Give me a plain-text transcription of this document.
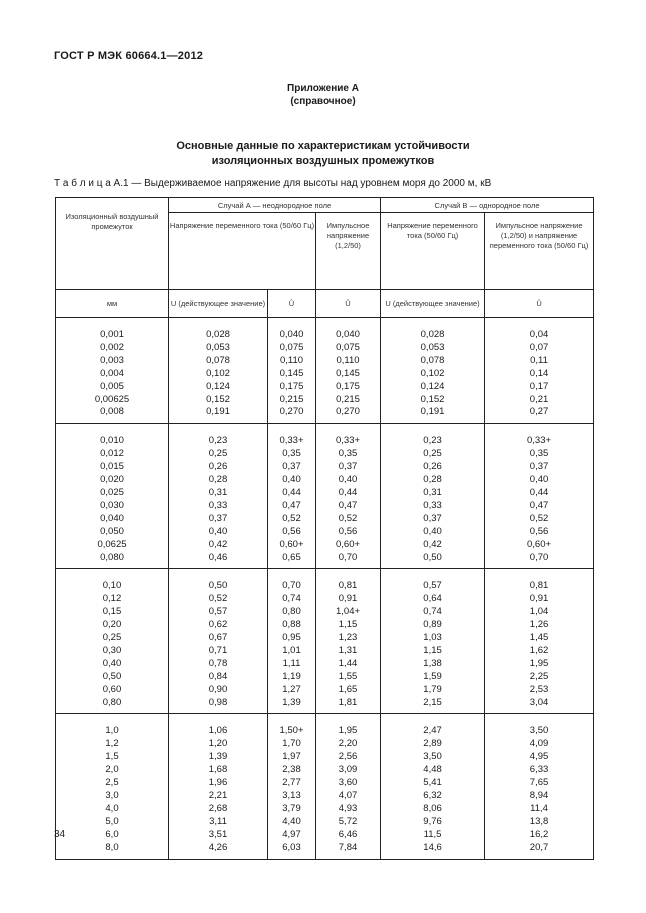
ГОСТ Р МЭК 60664.1—2012
Приложение А
(справочное)
Основные данные по характеристикам устойчивости
изоляционных воздушных промежутков
Т а б л и ц а А.1 — Выдерживаемое напряжение для высоты над уровнем моря до 2000 м, кВ
Изоляционный воздушный промежуток	Случай А — неоднородное поле			Случай В — однородное поле	
	Напряжение переменного тока (50/60 Гц)		Импульсное напряжение (1,2/50)	Напряжение переменного тока (50/60 Гц)	Импульсное напряжение (1,2/50) и напряжение переменного тока (50/60 Гц)
мм	U (действующее значение)	Û	Û	U (действующее значение)	Û

0,001	0,028	0,040	0,040	0,028	0,04
0,002	0,053	0,075	0,075	0,053	0,07
0,003	0,078	0,110	0,110	0,078	0,11
0,004	0,102	0,145	0,145	0,102	0,14
0,005	0,124	0,175	0,175	0,124	0,17
0,00625	0,152	0,215	0,215	0,152	0,21
0,008	0,191	0,270	0,270	0,191	0,27

0,010	0,23	0,33+	0,33+	0,23	0,33+
0,012	0,25	0,35	0,35	0,25	0,35
0,015	0,26	0,37	0,37	0,26	0,37
0,020	0,28	0,40	0,40	0,28	0,40
0,025	0,31	0,44	0,44	0,31	0,44
0,030	0,33	0,47	0,47	0,33	0,47
0,040	0,37	0,52	0,52	0,37	0,52
0,050	0,40	0,56	0,56	0,40	0,56
0,0625	0,42	0,60+	0,60+	0,42	0,60+
0,080	0,46	0,65	0,70	0,50	0,70

0,10	0,50	0,70	0,81	0,57	0,81
0,12	0,52	0,74	0,91	0,64	0,91
0,15	0,57	0,80	1,04+	0,74	1,04
0,20	0,62	0,88	1,15	0,89	1,26
0,25	0,67	0,95	1,23	1,03	1,45
0,30	0,71	1,01	1,31	1,15	1,62
0,40	0,78	1,11	1,44	1,38	1,95
0,50	0,84	1,19	1,55	1,59	2,25
0,60	0,90	1,27	1,65	1,79	2,53
0,80	0,98	1,39	1,81	2,15	3,04

1,0	1,06	1,50+	1,95	2,47	3,50
1,2	1,20	1,70	2,20	2,89	4,09
1,5	1,39	1,97	2,56	3,50	4,95
2,0	1,68	2,38	3,09	4,48	6,33
2,5	1,96	2,77	3,60	5,41	7,65
3,0	2,21	3,13	4,07	6,32	8,94
4,0	2,68	3,79	4,93	8,06	11,4
5,0	3,11	4,40	5,72	9,76	13,8
6,0	3,51	4,97	6,46	11,5	16,2
8,0	4,26	6,03	7,84	14,6	20,7

34
